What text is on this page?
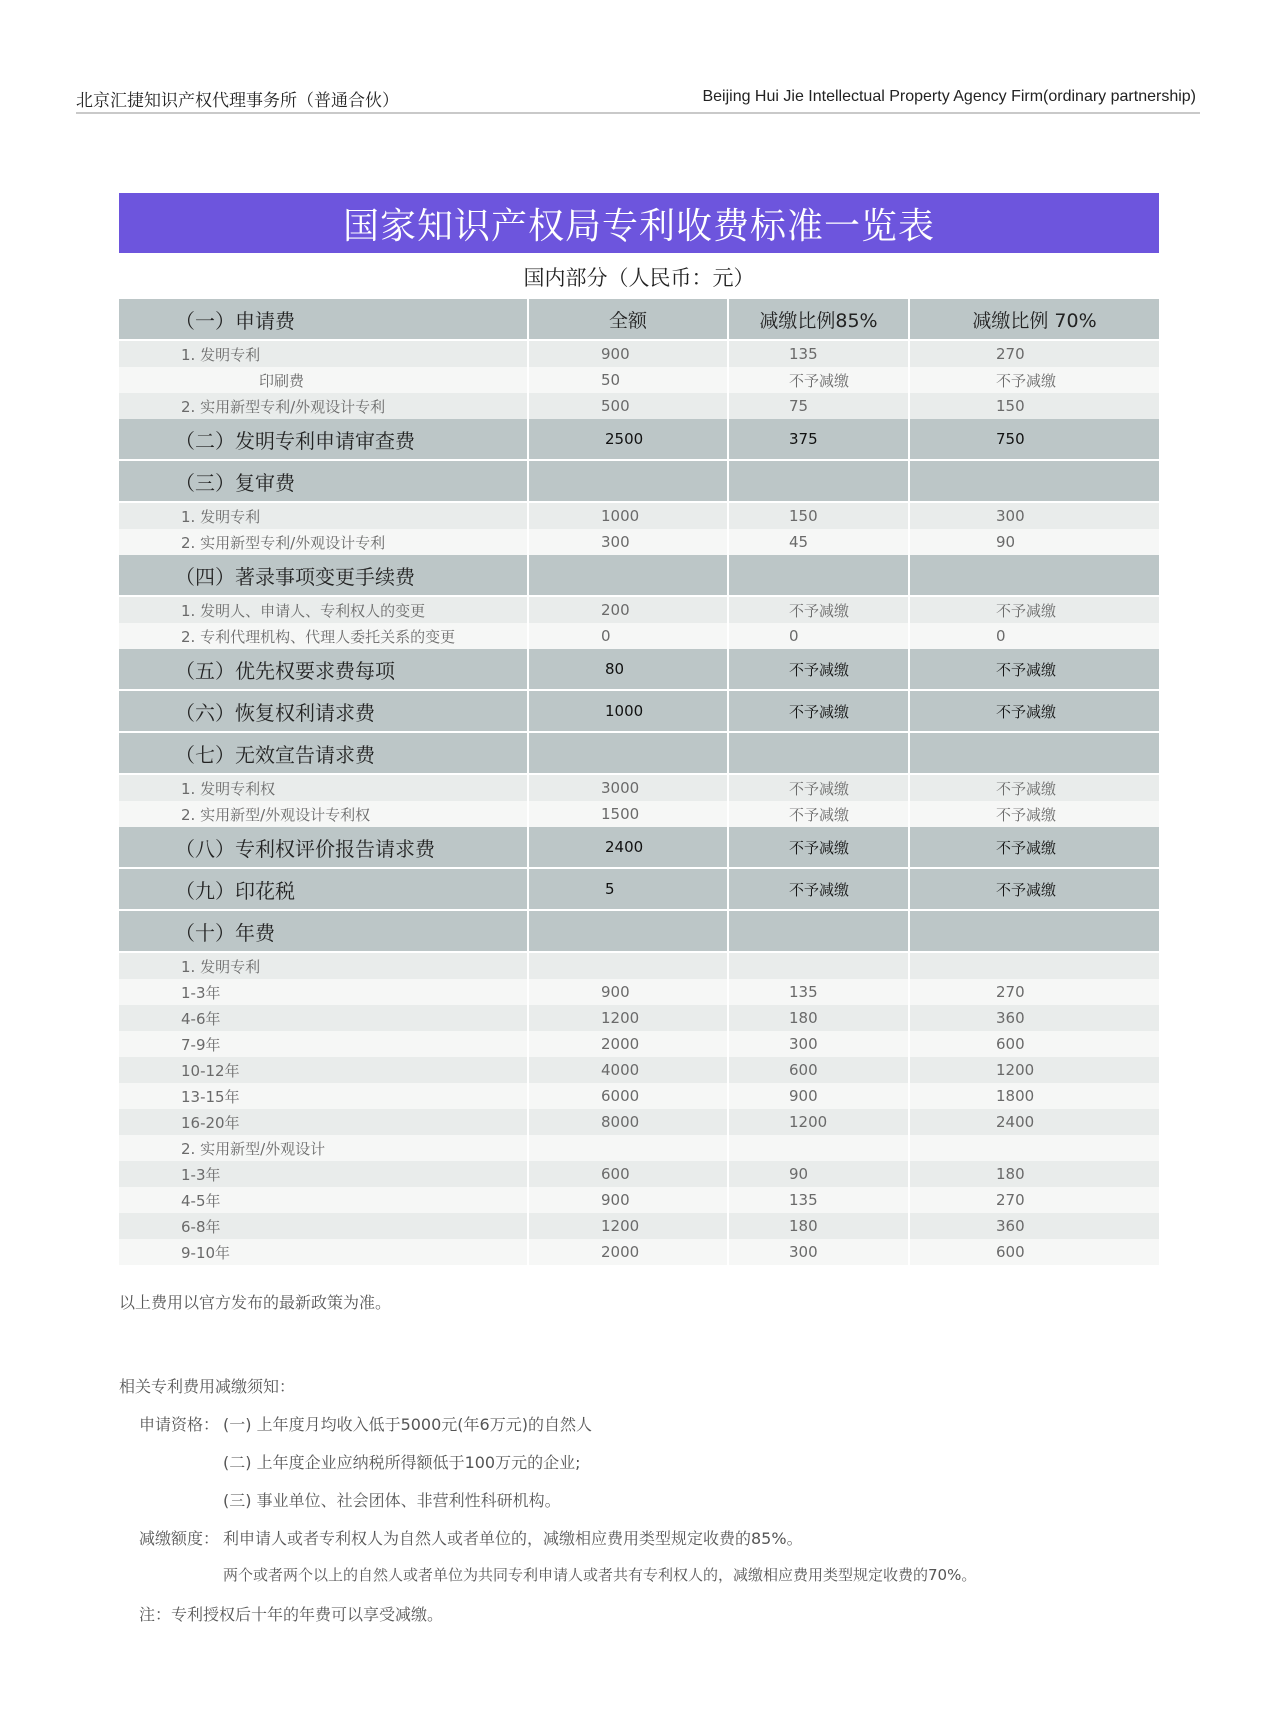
北京汇捷知识产权代理事务所（普通合伙）	Beijing Hui Jie Intellectual Property Agency Firm(ordinary partnership)
国家知识产权局专利收费标准一览表
国内部分（人民币：元）
（一）申请费	全额	减缴比例85%	减缴比例 70%
1. 发明专利	900	135	270
印刷费	50	不予减缴	不予减缴
2. 实用新型专利/外观设计专利	500	75	150
（二）发明专利申请审查费	2500	375	750
（三）复审费
1. 发明专利	1000	150	300
2. 实用新型专利/外观设计专利	300	45	90
（四）著录事项变更手续费
1. 发明人、申请人、专利权人的变更	200	不予减缴	不予减缴
2. 专利代理机构、代理人委托关系的变更	0	0	0
（五）优先权要求费每项	80	不予减缴	不予减缴
（六）恢复权利请求费	1000	不予减缴	不予减缴
（七）无效宣告请求费
1. 发明专利权	3000	不予减缴	不予减缴
2. 实用新型/外观设计专利权	1500	不予减缴	不予减缴
（八）专利权评价报告请求费	2400	不予减缴	不予减缴
（九）印花税	5	不予减缴	不予减缴
（十）年费
1. 发明专利
1-3年	900	135	270
4-6年	1200	180	360
7-9年	2000	300	600
10-12年	4000	600	1200
13-15年	6000	900	1800
16-20年	8000	1200	2400
2. 实用新型/外观设计
1-3年	600	90	180
4-5年	900	135	270
6-8年	1200	180	360
9-10年	2000	300	600
以上费用以官方发布的最新政策为准。
相关专利费用减缴须知：
申请资格： (一) 上年度月均收入低于5000元(年6万元)的自然人
(二) 上年度企业应纳税所得额低于100万元的企业;
(三) 事业单位、社会团体、非营利性科研机构。
减缴额度： 利申请人或者专利权人为自然人或者单位的，减缴相应费用类型规定收费的85%。
两个或者两个以上的自然人或者单位为共同专利申请人或者共有专利权人的，减缴相应费用类型规定收费的70%。
注：专利授权后十年的年费可以享受减缴。
